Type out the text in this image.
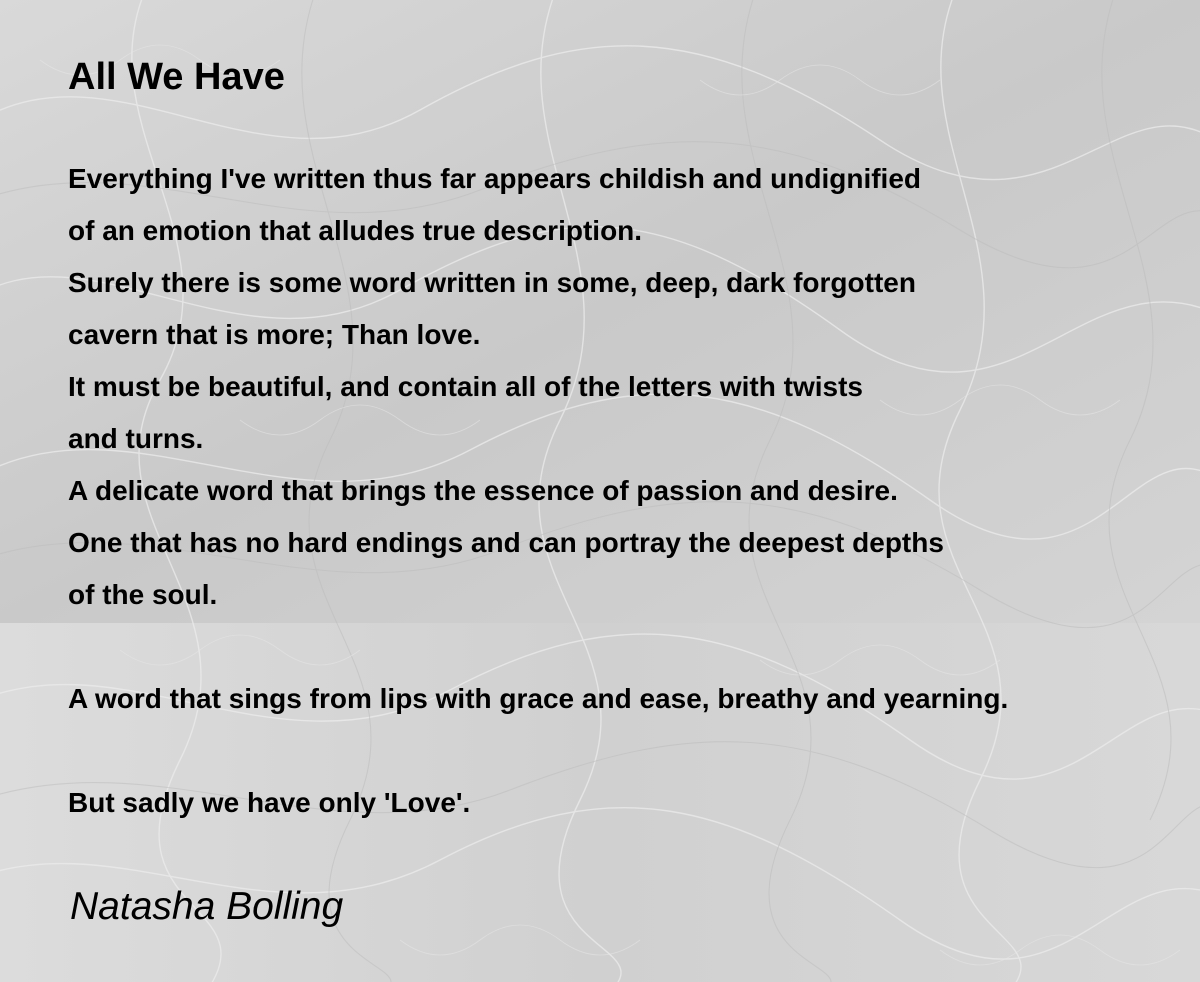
All We Have
Everything I've written thus far appears childish and undignified
of an emotion that alludes true description.
Surely there is some word written in some, deep, dark forgotten
cavern that is more; Than love.
It must be beautiful, and contain all of the letters with twists
and turns.
A delicate word that brings the essence of passion and desire.
One that has no hard endings and can portray the deepest depths
of the soul.
A word that sings from lips with grace and ease, breathy and yearning.
But sadly we have only 'Love'.

Natasha Bolling
